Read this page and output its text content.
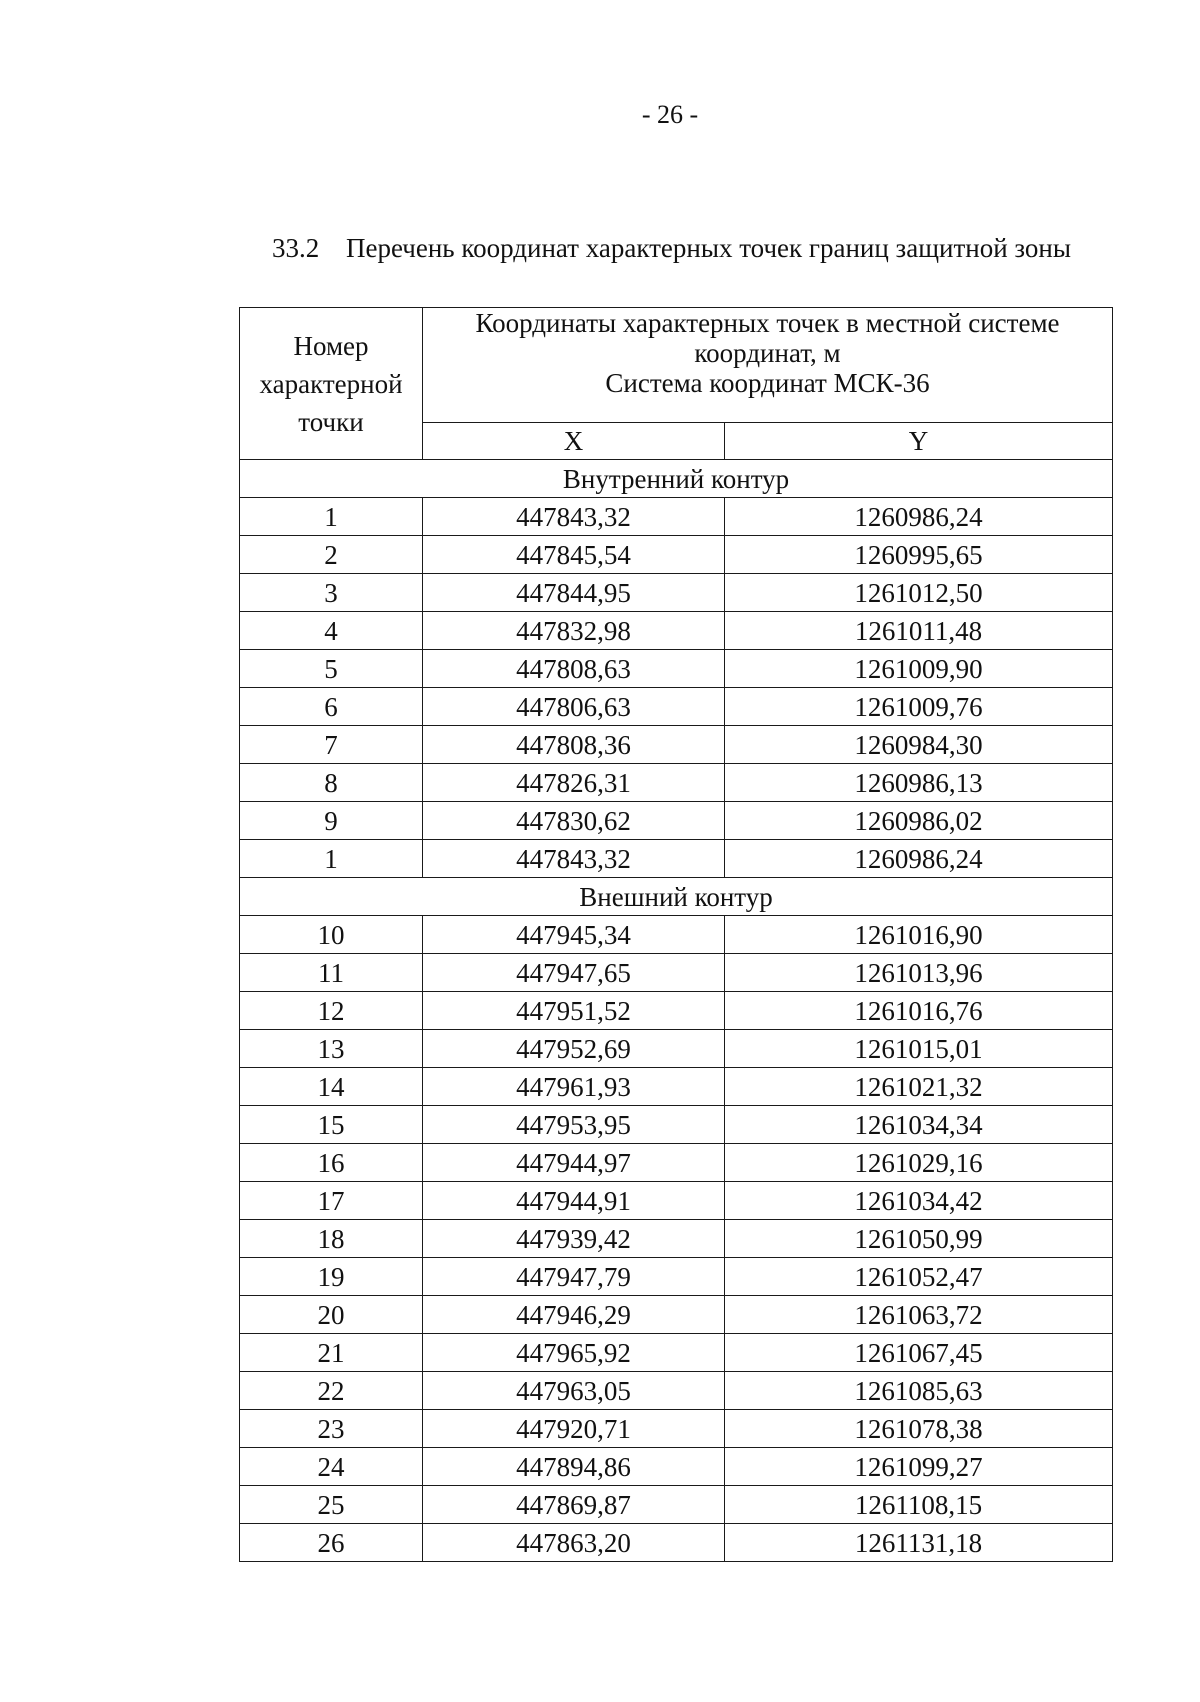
- 26 -
33.2 Перечень координат характерных точек границ защитной зоны
Номер характерной точки	Координаты характерных точек в местной системе
координат, м
Система координат МСК-36	

	X	Y
Внутренний контур		
1	447843,32	1260986,24
2	447845,54	1260995,65
3	447844,95	1261012,50
4	447832,98	1261011,48
5	447808,63	1261009,90
6	447806,63	1261009,76
7	447808,36	1260984,30
8	447826,31	1260986,13
9	447830,62	1260986,02
1	447843,32	1260986,24
Внешний контур		
10	447945,34	1261016,90
11	447947,65	1261013,96
12	447951,52	1261016,76
13	447952,69	1261015,01
14	447961,93	1261021,32
15	447953,95	1261034,34
16	447944,97	1261029,16
17	447944,91	1261034,42
18	447939,42	1261050,99
19	447947,79	1261052,47
20	447946,29	1261063,72
21	447965,92	1261067,45
22	447963,05	1261085,63
23	447920,71	1261078,38
24	447894,86	1261099,27
25	447869,87	1261108,15
26	447863,20	1261131,18
